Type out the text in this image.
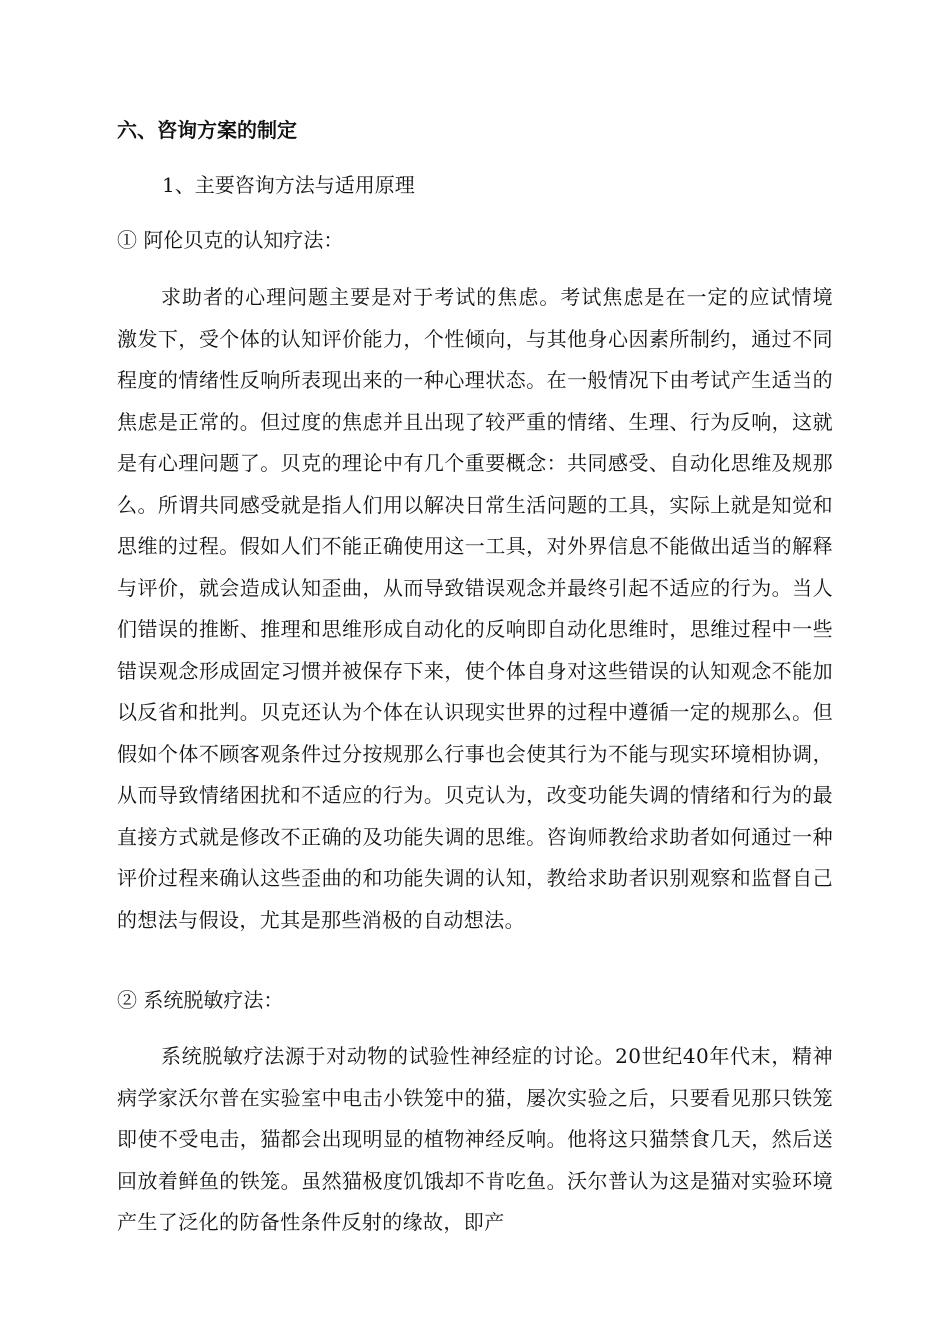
六、咨询方案的制定

1、主要咨询方法与适用原理

① 阿伦贝克的认知疗法：

求助者的心理问题主要是对于考试的焦虑。考试焦虑是在一定的应试情境激发下，受个体的认知评价能力，个性倾向，与其他身心因素所制约，通过不同程度的情绪性反响所表现出来的一种心理状态。在一般情况下由考试产生适当的焦虑是正常的。但过度的焦虑并且出现了较严重的情绪、生理、行为反响，这就是有心理问题了。贝克的理论中有几个重要概念：共同感受、自动化思维及规那么。所谓共同感受就是指人们用以解决日常生活问题的工具，实际上就是知觉和思维的过程。假如人们不能正确使用这一工具，对外界信息不能做出适当的解释与评价，就会造成认知歪曲，从而导致错误观念并最终引起不适应的行为。当人们错误的推断、推理和思维形成自动化的反响即自动化思维时，思维过程中一些错误观念形成固定习惯并被保存下来，使个体自身对这些错误的认知观念不能加以反省和批判。贝克还认为个体在认识现实世界的过程中遵循一定的规那么。但假如个体不顾客观条件过分按规那么行事也会使其行为不能与现实环境相协调，从而导致情绪困扰和不适应的行为。贝克认为，改变功能失调的情绪和行为的最直接方式就是修改不正确的及功能失调的思维。咨询师教给求助者如何通过一种评价过程来确认这些歪曲的和功能失调的认知，教给求助者识别观察和监督自己的想法与假设，尤其是那些消极的自动想法。

② 系统脱敏疗法：

系统脱敏疗法源于对动物的试验性神经症的讨论。20世纪40年代末，精神病学家沃尔普在实验室中电击小铁笼中的猫，屡次实验之后，只要看见那只铁笼即使不受电击，猫都会出现明显的植物神经反响。他将这只猫禁食几天，然后送回放着鲜鱼的铁笼。虽然猫极度饥饿却不肯吃鱼。沃尔普认为这是猫对实验环境产生了泛化的防备性条件反射的缘故，即产
